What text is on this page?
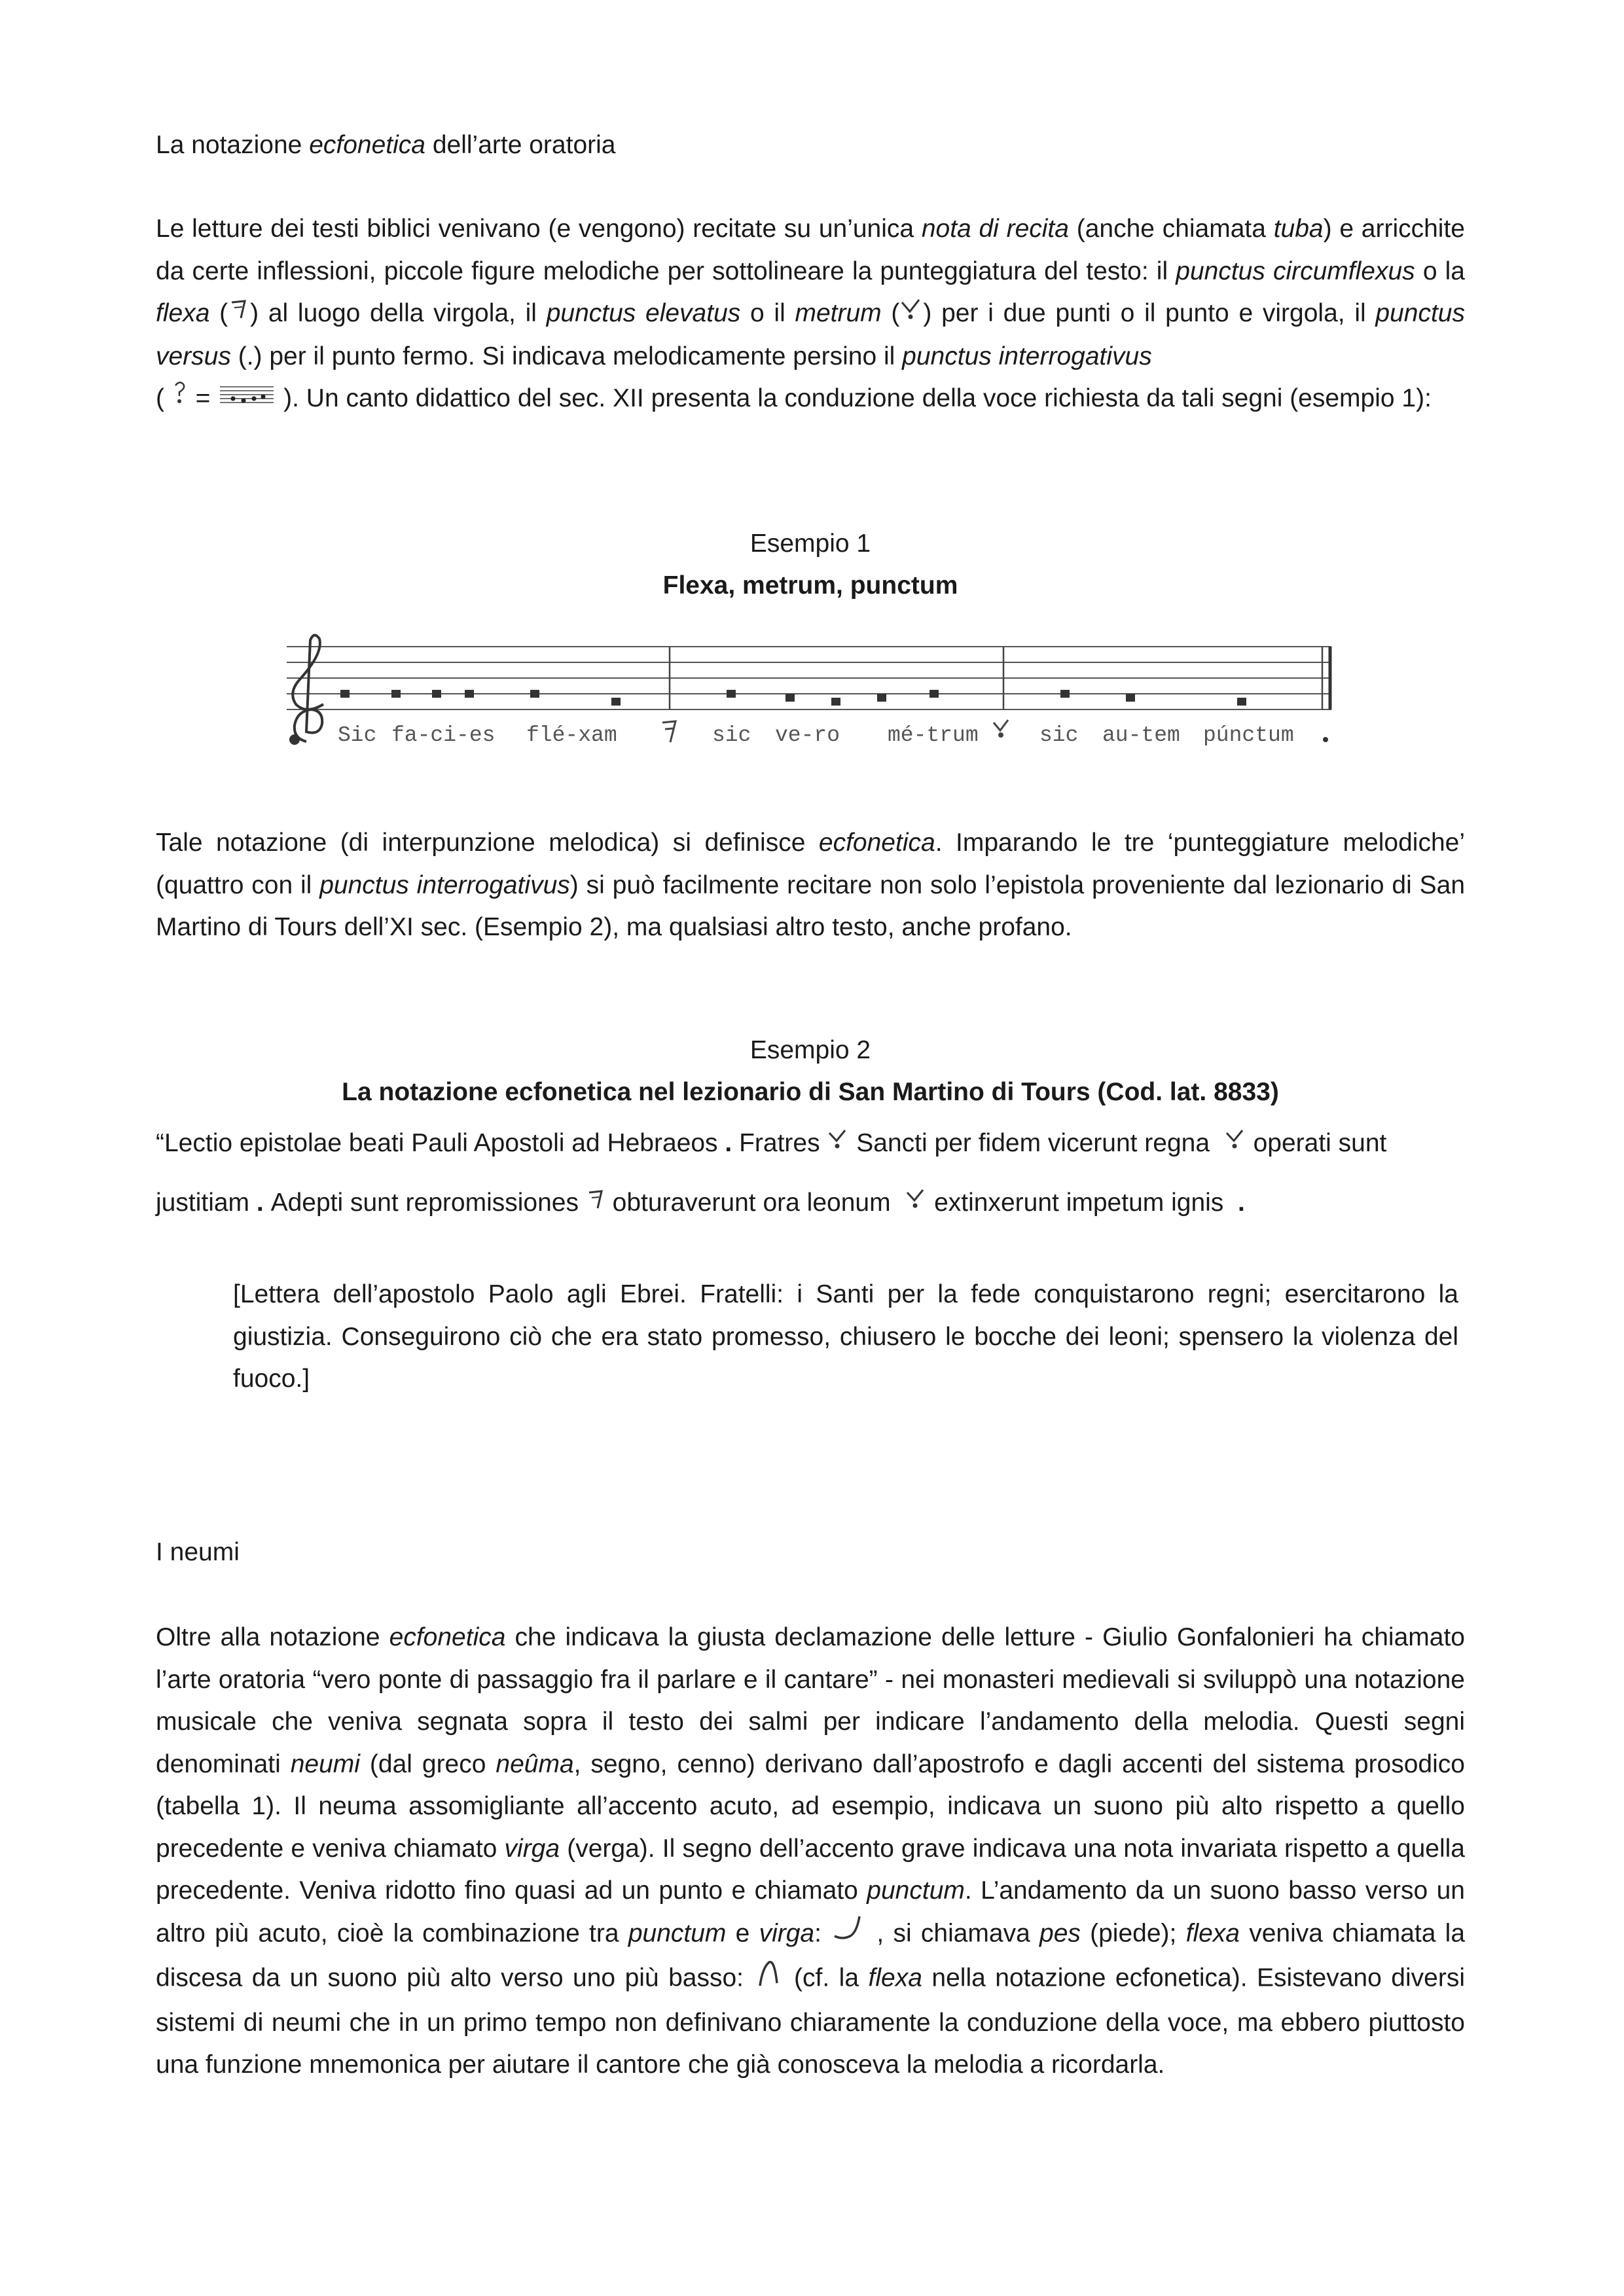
La notazione ecfonetica dell’arte oratoria

Le letture dei testi biblici venivano (e vengono) recitate su un’unica nota di recita (anche chiamata tuba) e arricchite da certe inflessioni, piccole figure melodiche per sottolineare la punteggiatura del testo: il punctus circumflexus o la flexa ( ) al luogo della virgola, il punctus elevatus o il metrum ( ) per i due punti o il punto e virgola, il punctus versus (.) per il punto fermo. Si indicava melodicamente persino il punctus interrogativus
(  =	). Un canto didattico del sec. XII presenta la conduzione della voce richiesta da tali segni (esempio 1):

Esempio 1

Flexa, metrum, punctum

Sic fa-ci-es flé-xam	sic ve-ro mé-trum	sic au-tem púnctum

Tale notazione (di interpunzione melodica) si definisce ecfonetica. Imparando le tre ‘punteggiature melodiche’ (quattro con il punctus interrogativus) si può facilmente recitare non solo l’epistola proveniente dal lezionario di San Martino di Tours dell’XI sec. (Esempio 2), ma qualsiasi altro testo, anche profano.

Esempio 2

La notazione ecfonetica nel lezionario di San Martino di Tours (Cod. lat. 8833)

“Lectio epistolae beati Pauli Apostoli ad Hebraeos . Fratres Sancti per fidem vicerunt regna operati sunt
justitiam . Adepti sunt repromissiones obturaverunt ora leonum extinxerunt impetum ignis  .

[Lettera dell’apostolo Paolo agli Ebrei. Fratelli: i Santi per la fede conquistarono regni; esercitarono la giustizia. Conseguirono ciò che era stato promesso, chiusero le bocche dei leoni; spensero la violenza del fuoco.]

I neumi

Oltre alla notazione ecfonetica che indicava la giusta declamazione delle letture - Giulio Gonfalonieri ha chiamato l’arte oratoria “vero ponte di passaggio fra il parlare e il cantare” - nei monasteri medievali si sviluppò una notazione musicale che veniva segnata sopra il testo dei salmi per indicare l’andamento della melodia. Questi segni denominati neumi (dal greco neûma, segno, cenno) derivano dall’apostrofo e dagli accenti del sistema prosodico (tabella 1). Il neuma assomigliante all’accento acuto, ad esempio, indicava un suono più alto rispetto a quello precedente e veniva chiamato virga (verga). Il segno dell’accento grave indicava una nota invariata rispetto a quella precedente. Veniva ridotto fino quasi ad un punto e chiamato punctum. L’andamento da un suono basso verso un altro più acuto, cioè la combinazione tra punctum e virga: , si chiamava pes (piede); flexa veniva chiamata la discesa da un suono più alto verso uno più basso: (cf. la flexa nella notazione ecfonetica). Esistevano diversi sistemi di neumi che in un primo tempo non definivano chiaramente la conduzione della voce, ma ebbero piuttosto una funzione mnemonica per aiutare il cantore che già conosceva la melodia a ricordarla.
